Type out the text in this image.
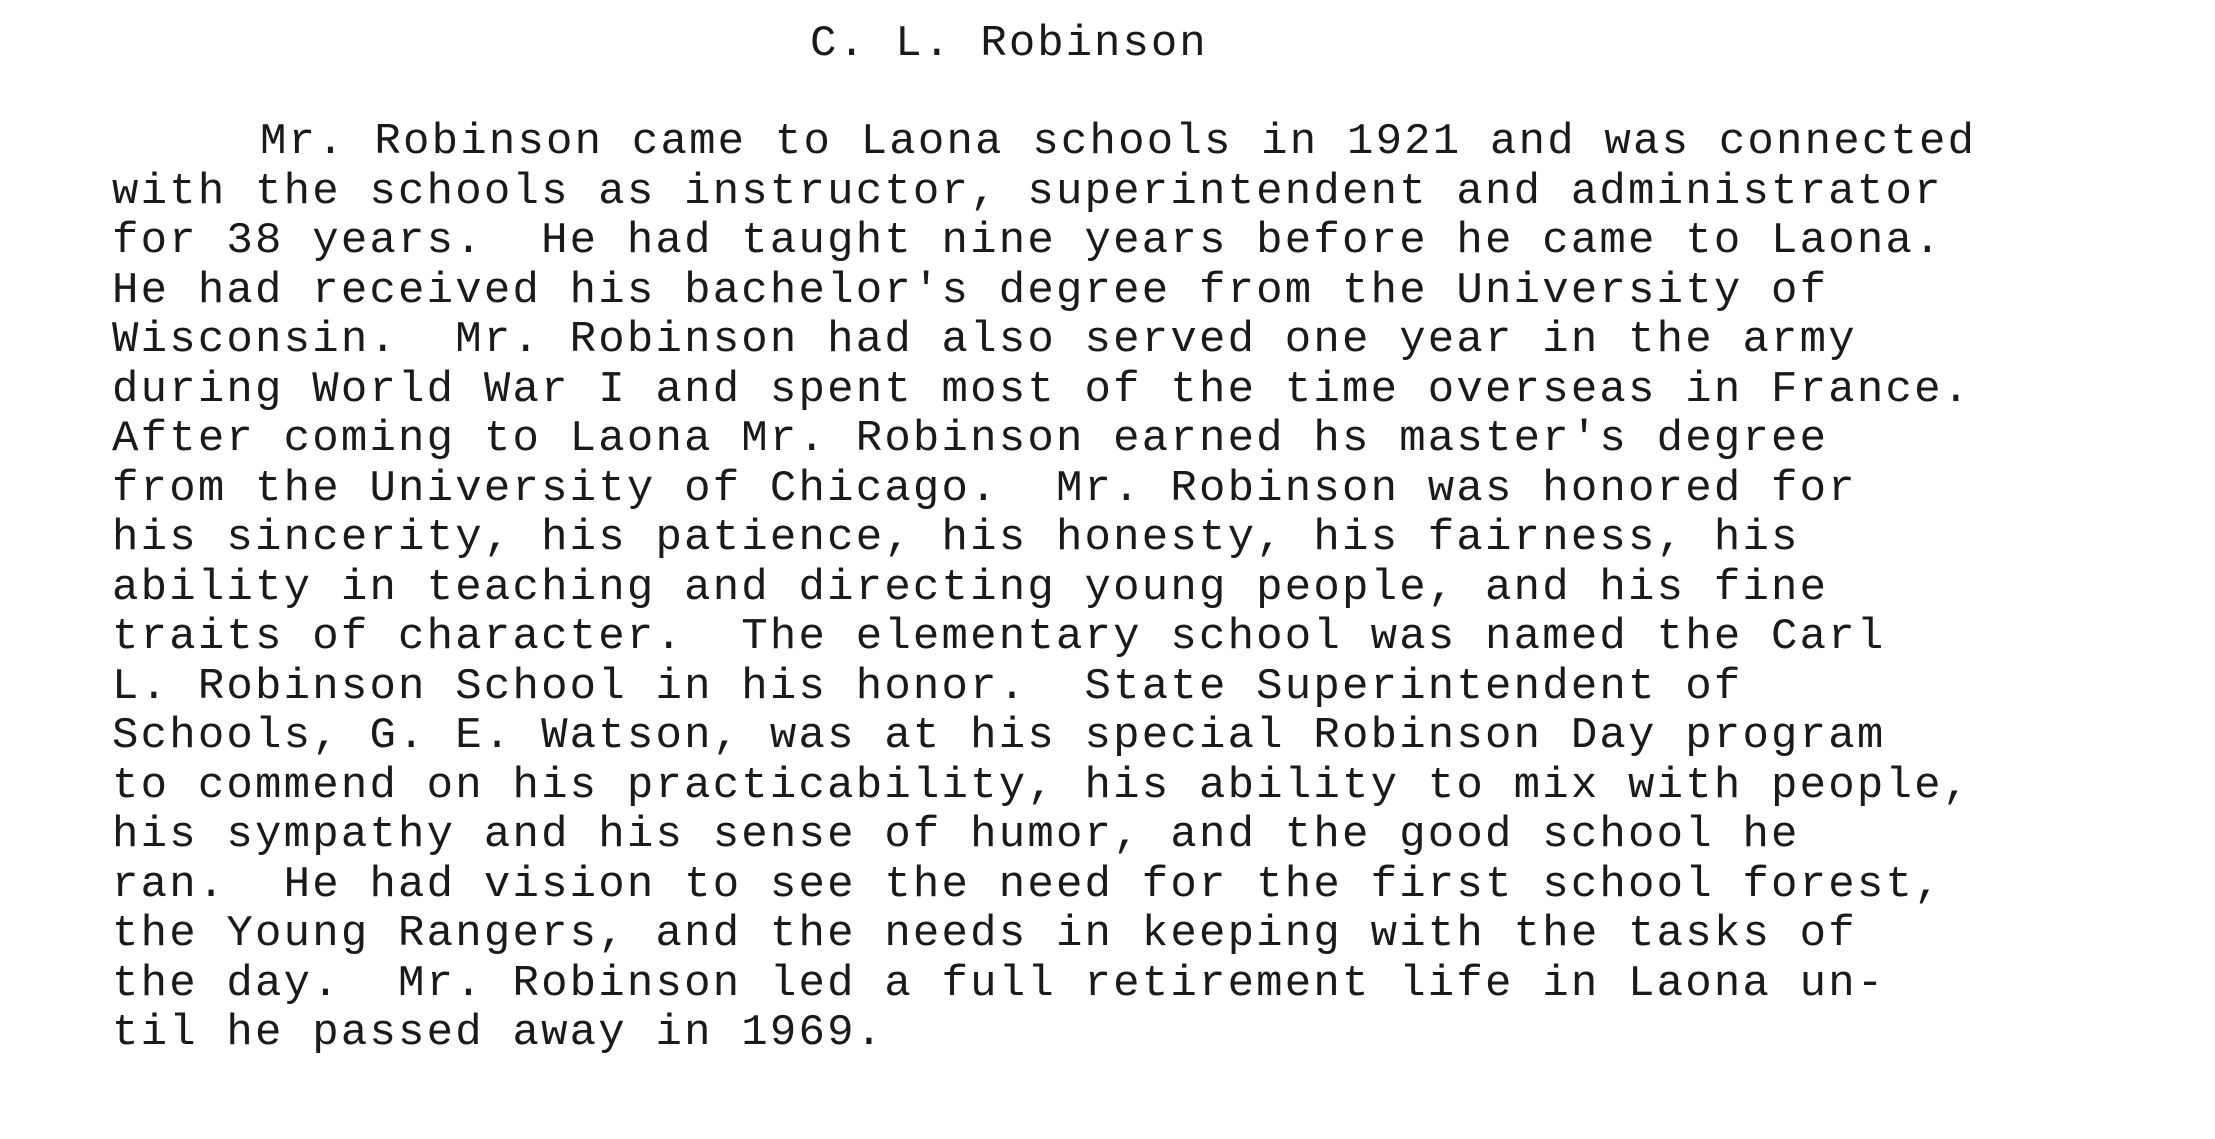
C. L. Robinson
Mr. Robinson came to Laona schools in 1921 and was connected
with the schools as instructor, superintendent and administrator
for 38 years.  He had taught nine years before he came to Laona.
He had received his bachelor's degree from the University of
Wisconsin.  Mr. Robinson had also served one year in the army
during World War I and spent most of the time overseas in France.
After coming to Laona Mr. Robinson earned hs master's degree
from the University of Chicago.  Mr. Robinson was honored for
his sincerity, his patience, his honesty, his fairness, his
ability in teaching and directing young people, and his fine
traits of character.  The elementary school was named the Carl
L. Robinson School in his honor.  State Superintendent of
Schools, G. E. Watson, was at his special Robinson Day program
to commend on his practicability, his ability to mix with people,
his sympathy and his sense of humor, and the good school he
ran.  He had vision to see the need for the first school forest,
the Young Rangers, and the needs in keeping with the tasks of
the day.  Mr. Robinson led a full retirement life in Laona un-
til he passed away in 1969.
